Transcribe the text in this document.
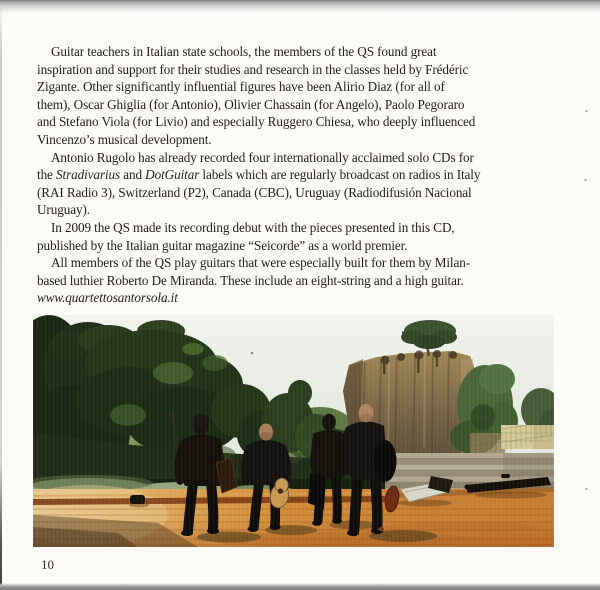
Guitar teachers in Italian state schools, the members of the QS found great
inspiration and support for their studies and research in the classes held by Frédéric
Zigante. Other significantly influential figures have been Alirio Diaz (for all of
them), Oscar Ghiglia (for Antonio), Olivier Chassain (for Angelo), Paolo Pegoraro
and Stefano Viola (for Livio) and especially Ruggero Chiesa, who deeply influenced
Vincenzo’s musical development.
Antonio Rugolo has already recorded four internationally acclaimed solo CDs for
the Stradivarius and DotGuitar labels which are regularly broadcast on radios in Italy
(RAI Radio 3), Switzerland (P2), Canada (CBC), Uruguay (Radiodifusión Nacional
Uruguay).
In 2009 the QS made its recording debut with the pieces presented in this CD,
published by the Italian guitar magazine “Seicorde” as a world premier.
All members of the QS play guitars that were especially built for them by Milan-
based luthier Roberto De Miranda. These include an eight-string and a high guitar.
www.quartettosantorsola.it
10
